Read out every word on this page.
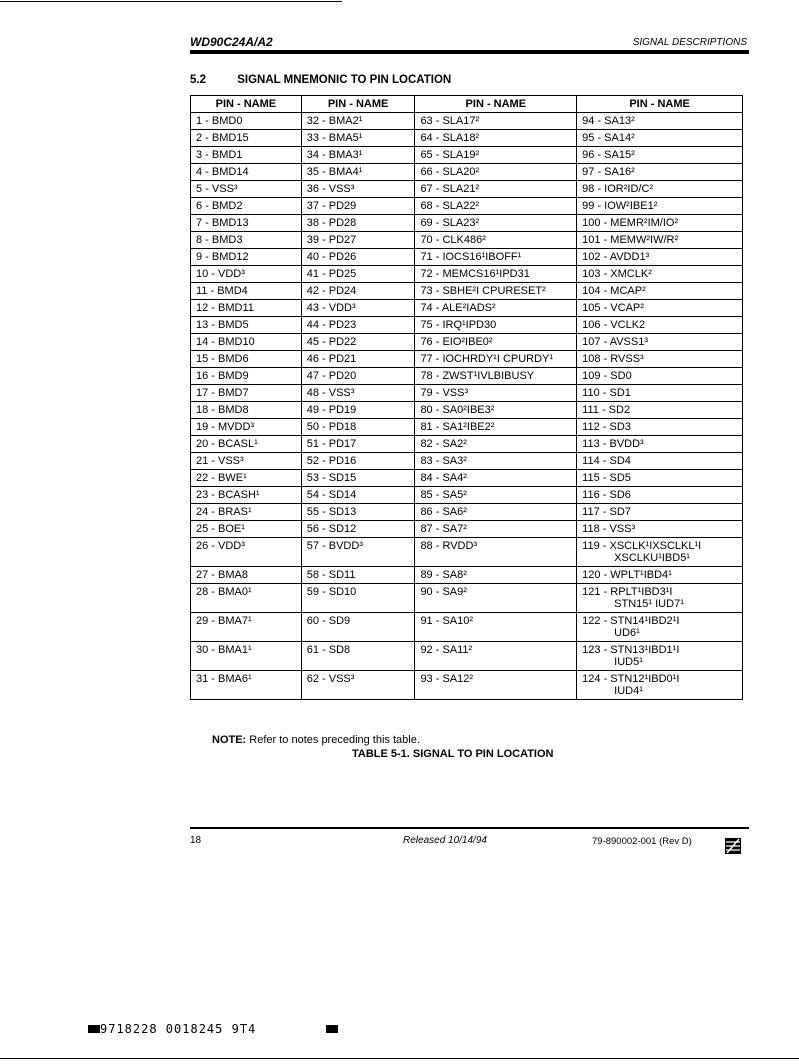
WD90C24A/A2	SIGNAL DESCRIPTIONS
5.2	SIGNAL MNEMONIC TO PIN LOCATION
PIN - NAME	PIN - NAME	PIN - NAME	PIN - NAME

1 - BMD0	32 - BMA2¹	63 - SLA17²	94 - SA13²

2 - BMD15	33 - BMA5¹	64 - SLA18²	95 - SA14²

3 - BMD1	34 - BMA3¹	65 - SLA19²	96 - SA15²

4 - BMD14	35 - BMA4¹	66 - SLA20²	97 - SA16²

5 - VSS³	36 - VSS³	67 - SLA21²	98 - IOR²ID/C²

6 - BMD2	37 - PD29	68 - SLA22²	99 - IOW²IBE1²

7 - BMD13	38 - PD28	69 - SLA23²	100 - MEMR²IM/IO²

8 - BMD3	39 - PD27	70 - CLK486²	101 - MEMW²IW/R²

9 - BMD12	40 - PD26	71 - IOCS16¹IBOFF¹	102 - AVDD1³

10 - VDD³	41 - PD25	72 - MEMCS16¹IPD31	103 - XMCLK²

11 - BMD4	42 - PD24	73 - SBHE²I CPURESET²	104 - MCAP²

12 - BMD11	43 - VDD³	74 - ALE²IADS²	105 - VCAP²

13 - BMD5	44 - PD23	75 - IRQ¹IPD30	106 - VCLK2

14 - BMD10	45 - PD22	76 - EIO²IBE0²	107 - AVSS1³

15 - BMD6	46 - PD21	77 - IOCHRDY¹I CPURDY¹	108 - RVSS³

16 - BMD9	47 - PD20	78 - ZWST¹IVLBIBUSY	109 - SD0

17 - BMD7	48 - VSS³	79 - VSS³	110 - SD1

18 - BMD8	49 - PD19	80 - SA0²IBE3²	111 - SD2

19 - MVDD³	50 - PD18	81 - SA1²IBE2²	112 - SD3

20 - BCASL¹	51 - PD17	82 - SA2²	113 - BVDD³

21 - VSS³	52 - PD16	83 - SA3²	114 - SD4

22 - BWE¹	53 - SD15	84 - SA4²	115 - SD5

23 - BCASH¹	54 - SD14	85 - SA5²	116 - SD6

24 - BRAS¹	55 - SD13	86 - SA6²	117 - SD7

25 - BOE¹	56 - SD12	87 - SA7²	118 - VSS³

26 - VDD³	57 - BVDD³	88 - RVDD³	119 - XSCLK¹IXSCLKL¹I
XSCLKU¹IBD5¹

27 - BMA8	58 - SD11	89 - SA8²	120 - WPLT¹IBD4¹

28 - BMA0¹	59 - SD10	90 - SA9²	121 - RPLT¹IBD3¹I
STN15¹ IUD7¹

29 - BMA7¹	60 - SD9	91 - SA10²	122 - STN14¹IBD2¹I
UD6¹

30 - BMA1¹	61 - SD8	92 - SA11²	123 - STN13¹IBD1¹I
IUD5¹

31 - BMA6¹	62 - VSS³	93 - SA12²	124 - STN12¹IBD0¹I
IUD4¹
NOTE: Refer to notes preceding this table.
TABLE 5-1. SIGNAL TO PIN LOCATION
18	Released 10/14/94	79-890002-001 (Rev D)
9718228 0018245 9T4
